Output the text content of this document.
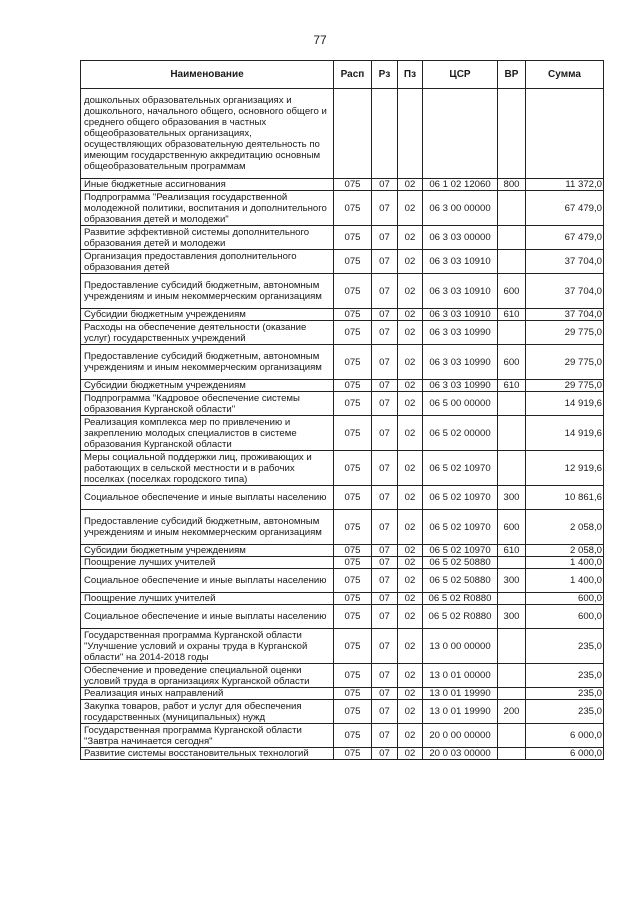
77
Наименование	Расп	Рз	Пз	ЦСР	ВР	Сумма
дошкольных образовательных организациях и дошкольного, начального общего, основного общего и среднего общего образования в частных общеобразовательных организациях, осуществляющих образовательную деятельность по имеющим государственную аккредитацию основным общеобразовательным программам						
Иные бюджетные ассигнования	075	07	02	06 1 02 12060	800	11 372,0
Подпрограмма "Реализация государственной молодежной политики, воспитания и дополнительного образования детей и молодежи"	075	07	02	06 3 00 00000		67 479,0
Развитие эффективной системы дополнительного образования детей и молодежи	075	07	02	06 3 03 00000		67 479,0
Организация предоставления дополнительного образования детей	075	07	02	06 3 03 10910		37 704,0
Предоставление субсидий бюджетным, автономным учреждениям и иным некоммерческим организациям	075	07	02	06 3 03 10910	600	37 704,0
Субсидии бюджетным учреждениям	075	07	02	06 3 03 10910	610	37 704,0
Расходы на обеспечение деятельности (оказание услуг) государственных учреждений	075	07	02	06 3 03 10990		29 775,0
Предоставление субсидий бюджетным, автономным учреждениям и иным некоммерческим организациям	075	07	02	06 3 03 10990	600	29 775,0
Субсидии бюджетным учреждениям	075	07	02	06 3 03 10990	610	29 775,0
Подпрограмма "Кадровое обеспечение системы образования Курганской области"	075	07	02	06 5 00 00000		14 919,6
Реализация комплекса мер по привлечению и закреплению молодых специалистов в системе образования Курганской области	075	07	02	06 5 02 00000		14 919,6
Меры социальной поддержки лиц, проживающих и работающих в сельской местности и в рабочих поселках (поселках городского типа)	075	07	02	06 5 02 10970		12 919,6
Социальное обеспечение и иные выплаты населению	075	07	02	06 5 02 10970	300	10 861,6
Предоставление субсидий бюджетным, автономным учреждениям и иным некоммерческим организациям	075	07	02	06 5 02 10970	600	2 058,0
Субсидии бюджетным учреждениям	075	07	02	06 5 02 10970	610	2 058,0
Поощрение лучших учителей	075	07	02	06 5 02 50880		1 400,0
Социальное обеспечение и иные выплаты населению	075	07	02	06 5 02 50880	300	1 400,0
Поощрение лучших учителей	075	07	02	06 5 02 R0880		600,0
Социальное обеспечение и иные выплаты населению	075	07	02	06 5 02 R0880	300	600,0
Государственная программа Курганской области "Улучшение условий и охраны труда в Курганской области" на 2014-2018 годы	075	07	02	13 0 00 00000		235,0
Обеспечение и проведение специальной оценки условий труда в организациях Курганской области	075	07	02	13 0 01 00000		235,0
Реализация иных направлений	075	07	02	13 0 01 19990		235,0
Закупка товаров, работ и услуг для обеспечения государственных (муниципальных) нужд	075	07	02	13 0 01 19990	200	235,0
Государственная программа Курганской области "Завтра начинается сегодня"	075	07	02	20 0 00 00000		6 000,0
Развитие системы восстановительных технологий	075	07	02	20 0 03 00000		6 000,0
